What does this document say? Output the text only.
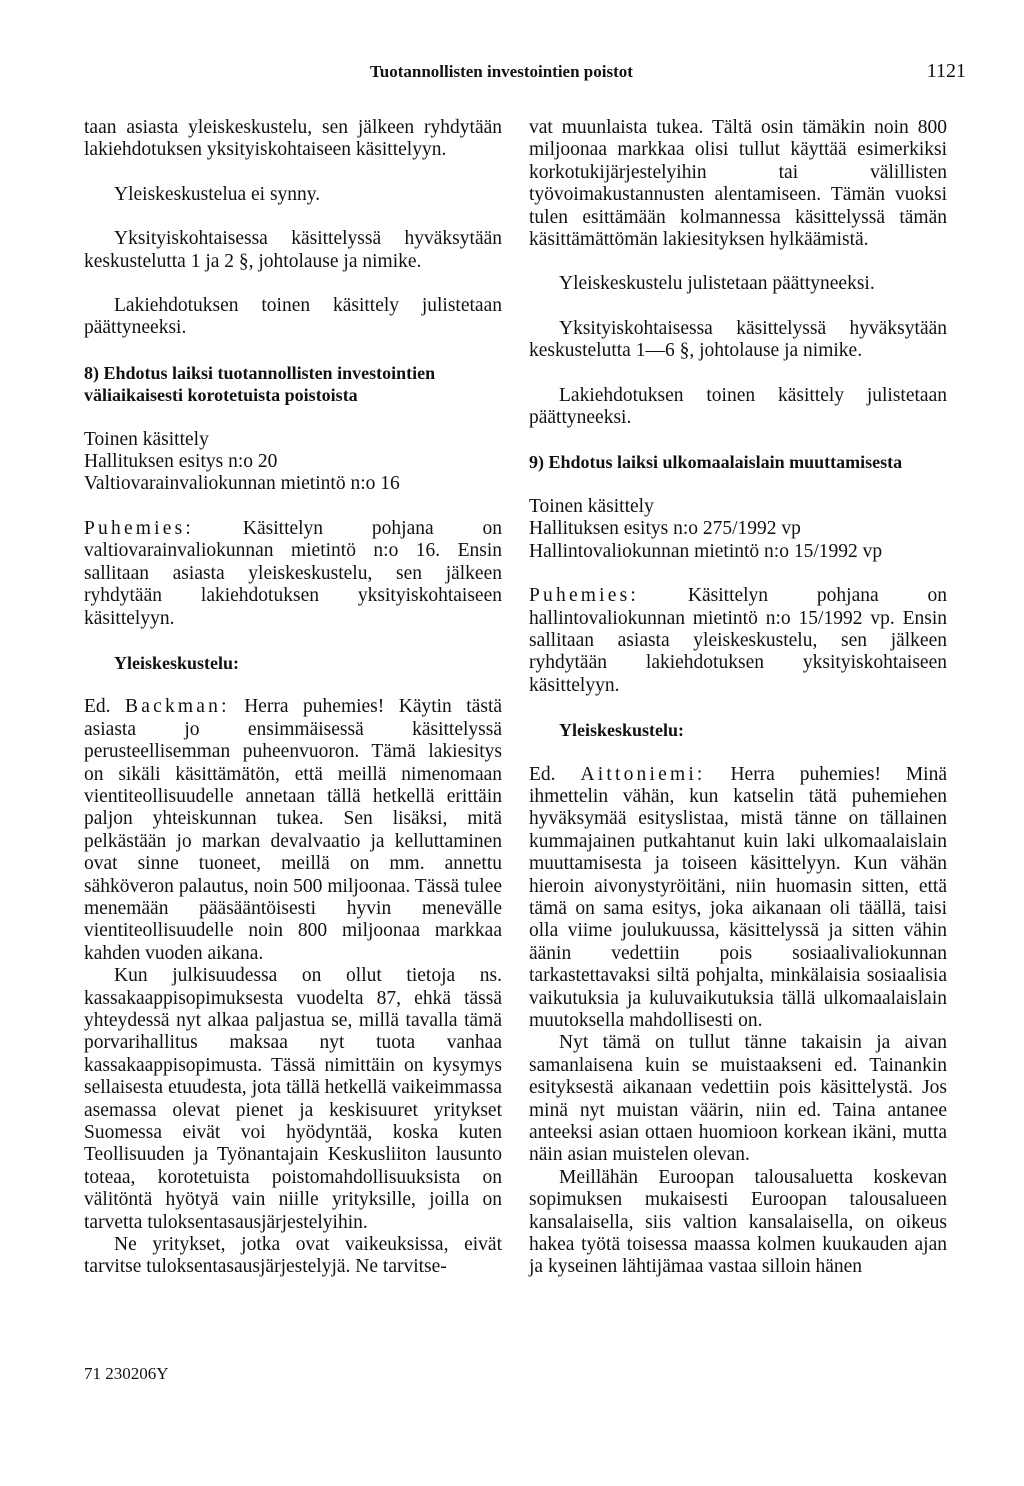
Tuotannollisten investointien poistot	1121

taan asiasta yleiskeskustelu, sen jälkeen ryhdytään lakiehdotuksen yksityiskohtaiseen käsittelyyn.

Yleiskeskustelua ei synny.

Yksityiskohtaisessa käsittelyssä hyväksytään keskustelutta 1 ja 2 §, johtolause ja nimike.

Lakiehdotuksen toinen käsittely julistetaan päättyneeksi.

8) Ehdotus laiksi tuotannollisten investointien väliaikaisesti korotetuista poistoista

Toinen käsittely
Hallituksen esitys n:o 20
Valtiovarainvaliokunnan mietintö n:o 16

Puhemies:	Käsittelyn pohjana on valtiovarainvaliokunnan mietintö n:o 16. Ensin sallitaan asiasta yleiskeskustelu, sen jälkeen ryhdytään lakiehdotuksen yksityiskohtaiseen käsittelyyn.

Yleiskeskustelu:

Ed. Backman: Herra puhemies! Käytin tästä asiasta jo ensimmäisessä käsittelyssä perusteellisemman puheenvuoron. Tämä lakiesitys on sikäli käsittämätön, että meillä nimenomaan vientiteollisuudelle annetaan tällä hetkellä erittäin paljon yhteiskunnan tukea. Sen lisäksi, mitä pelkästään jo markan devalvaatio ja kelluttaminen ovat sinne tuoneet, meillä on mm. annettu sähköveron palautus, noin 500 miljoonaa. Tässä tulee menemään pääsääntöisesti hyvin menevälle vientiteollisuudelle noin 800 miljoonaa markkaa kahden vuoden aikana.

Kun julkisuudessa on ollut tietoja ns. kassakaappisopimuksesta vuodelta 87, ehkä tässä yhteydessä nyt alkaa paljastua se, millä tavalla tämä porvarihallitus maksaa nyt tuota vanhaa kassakaappisopimusta. Tässä nimittäin on kysymys sellaisesta etuudesta, jota tällä hetkellä vaikeimmassa asemassa olevat pienet ja keskisuuret yritykset Suomessa eivät voi hyödyntää, koska kuten Teollisuuden ja Työnantajain Keskusliiton lausunto toteaa, korotetuista poistomahdollisuuksista on välitöntä hyötyä vain niille yrityksille, joilla on tarvetta tuloksentasausjärjestelyihin.

Ne yritykset, jotka ovat vaikeuksissa, eivät tarvitse tuloksentasausjärjestelyjä. Ne tarvitse-

vat muunlaista tukea. Tältä osin tämäkin noin 800 miljoonaa markkaa olisi tullut käyttää esimerkiksi korkotukijärjestelyihin tai välillisten työvoimakustannusten alentamiseen. Tämän vuoksi tulen esittämään kolmannessa käsittelyssä tämän käsittämättömän lakiesityksen hylkäämistä.

Yleiskeskustelu julistetaan päättyneeksi.

Yksityiskohtaisessa käsittelyssä hyväksytään keskustelutta 1—6 §, johtolause ja nimike.

Lakiehdotuksen toinen käsittely julistetaan päättyneeksi.

9) Ehdotus laiksi ulkomaalaislain muuttamisesta

Toinen käsittely
Hallituksen esitys n:o 275/1992 vp
Hallintovaliokunnan mietintö n:o 15/1992 vp

Puhemies:	Käsittelyn pohjana on hallintovaliokunnan mietintö n:o 15/1992 vp. Ensin sallitaan asiasta yleiskeskustelu, sen jälkeen ryhdytään lakiehdotuksen yksityiskohtaiseen käsittelyyn.

Yleiskeskustelu:

Ed. Aittoniemi: Herra puhemies! Minä ihmettelin vähän, kun katselin tätä puhemiehen hyväksymää esityslistaa, mistä tänne on tällainen kummajainen putkahtanut kuin laki ulkomaalaislain muuttamisesta ja toiseen käsittelyyn. Kun vähän hieroin aivonystyröitäni, niin huomasin sitten, että tämä on sama esitys, joka aikanaan oli täällä, taisi olla viime joulukuussa, käsittelyssä ja sitten vähin äänin vedettiin pois sosiaalivaliokunnan tarkastettavaksi siltä pohjalta, minkälaisia sosiaalisia vaikutuksia ja kuluvaikutuksia tällä ulkomaalaislain muutoksella mahdollisesti on.

Nyt tämä on tullut tänne takaisin ja aivan samanlaisena kuin se muistaakseni ed. Tainankin esityksestä aikanaan vedettiin pois käsittelystä. Jos minä nyt muistan väärin, niin ed. Taina antanee anteeksi asian ottaen huomioon korkean ikäni, mutta näin asian muistelen olevan.

Meillähän Euroopan talousaluetta koskevan sopimuksen mukaisesti Euroopan talousalueen kansalaisella, siis valtion kansalaisella, on oikeus hakea työtä toisessa maassa kolmen kuukauden ajan ja kyseinen lähtijämaa vastaa silloin hänen

71 230206Y
